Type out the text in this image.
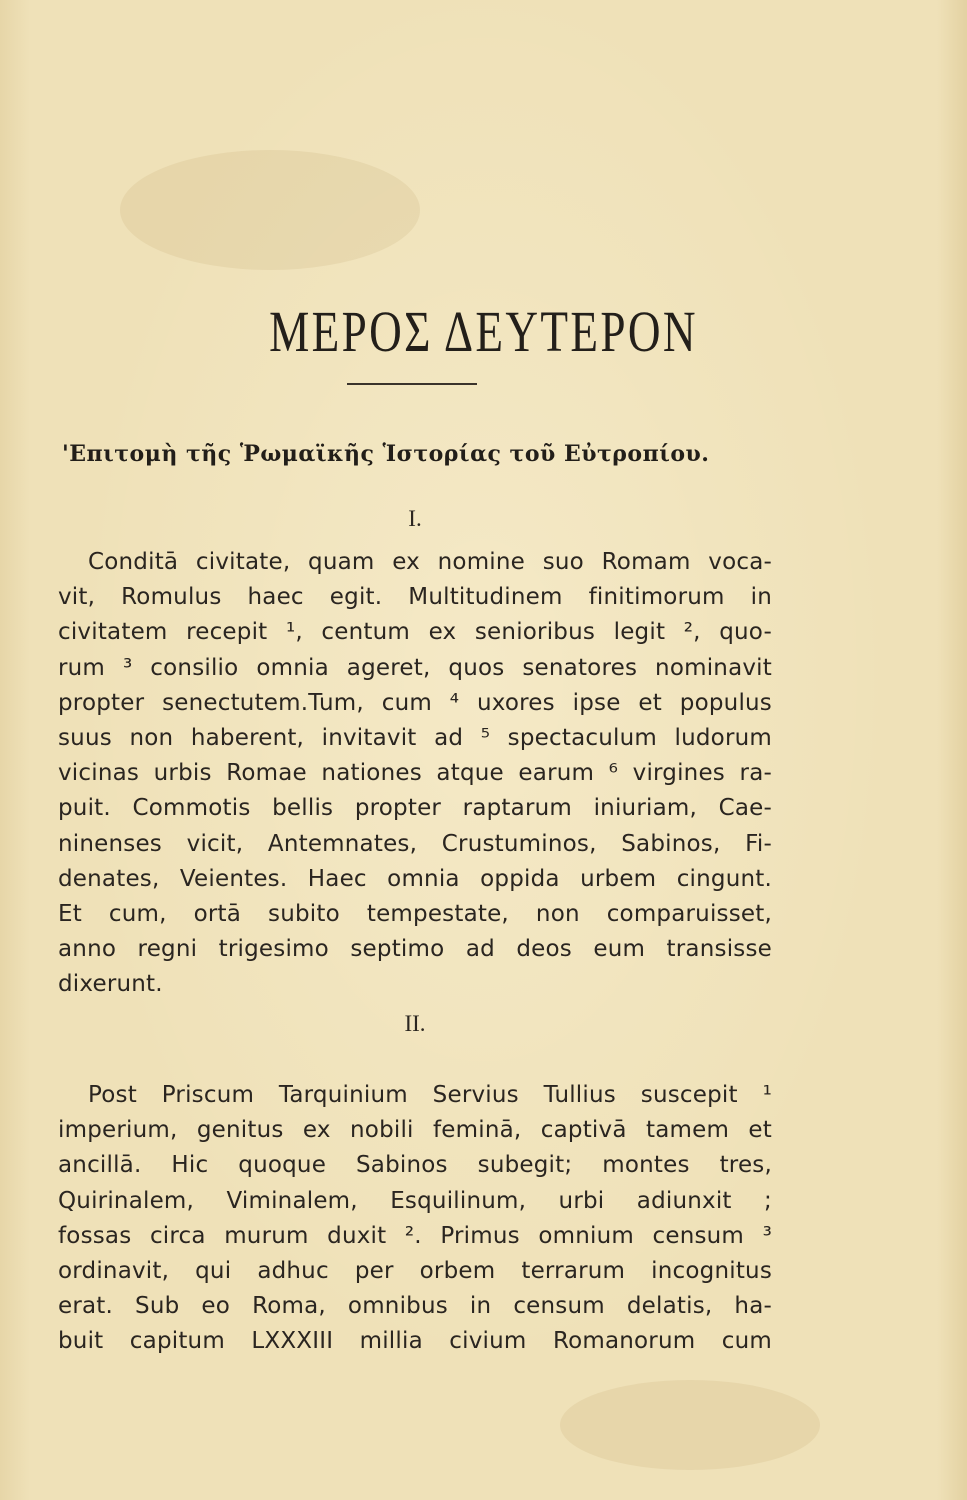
ΜΕΡΟΣ ΔΕΥΤΕΡΟΝ
'Επιτομὴ τῆς Ῥωμαϊκῆς Ἱστορίας τοῦ Εὐτροπίου.
I.
Conditā civitate, quam ex nomine suo Romam voca-
vit, Romulus haec egit. Multitudinem finitimorum in
civitatem recepit ¹, centum ex senioribus legit ², quo-
rum ³ consilio omnia ageret, quos senatores nominavit
propter senectutem.Tum, cum ⁴ uxores ipse et populus
suus non haberent, invitavit ad ⁵ spectaculum ludorum
vicinas urbis Romae nationes atque earum ⁶ virgines ra-
puit. Commotis bellis propter raptarum iniuriam, Cae-
ninenses vicit, Antemnates, Crustuminos, Sabinos, Fi-
denates, Veientes. Haec omnia oppida urbem cingunt.
Et cum, ortā subito tempestate, non comparuisset,
anno regni trigesimo septimo ad deos eum transisse
dixerunt.
II.
Post Priscum Tarquinium Servius Tullius suscepit ¹
imperium, genitus ex nobili feminā, captivā tamem et
ancillā. Hic quoque Sabinos subegit; montes tres,
Quirinalem, Viminalem, Esquilinum, urbi adiunxit ;
fossas circa murum duxit ². Primus omnium censum ³
ordinavit, qui adhuc per orbem terrarum incognitus
erat. Sub eo Roma, omnibus in censum delatis, ha-
buit capitum LXXXIII millia civium Romanorum cum
